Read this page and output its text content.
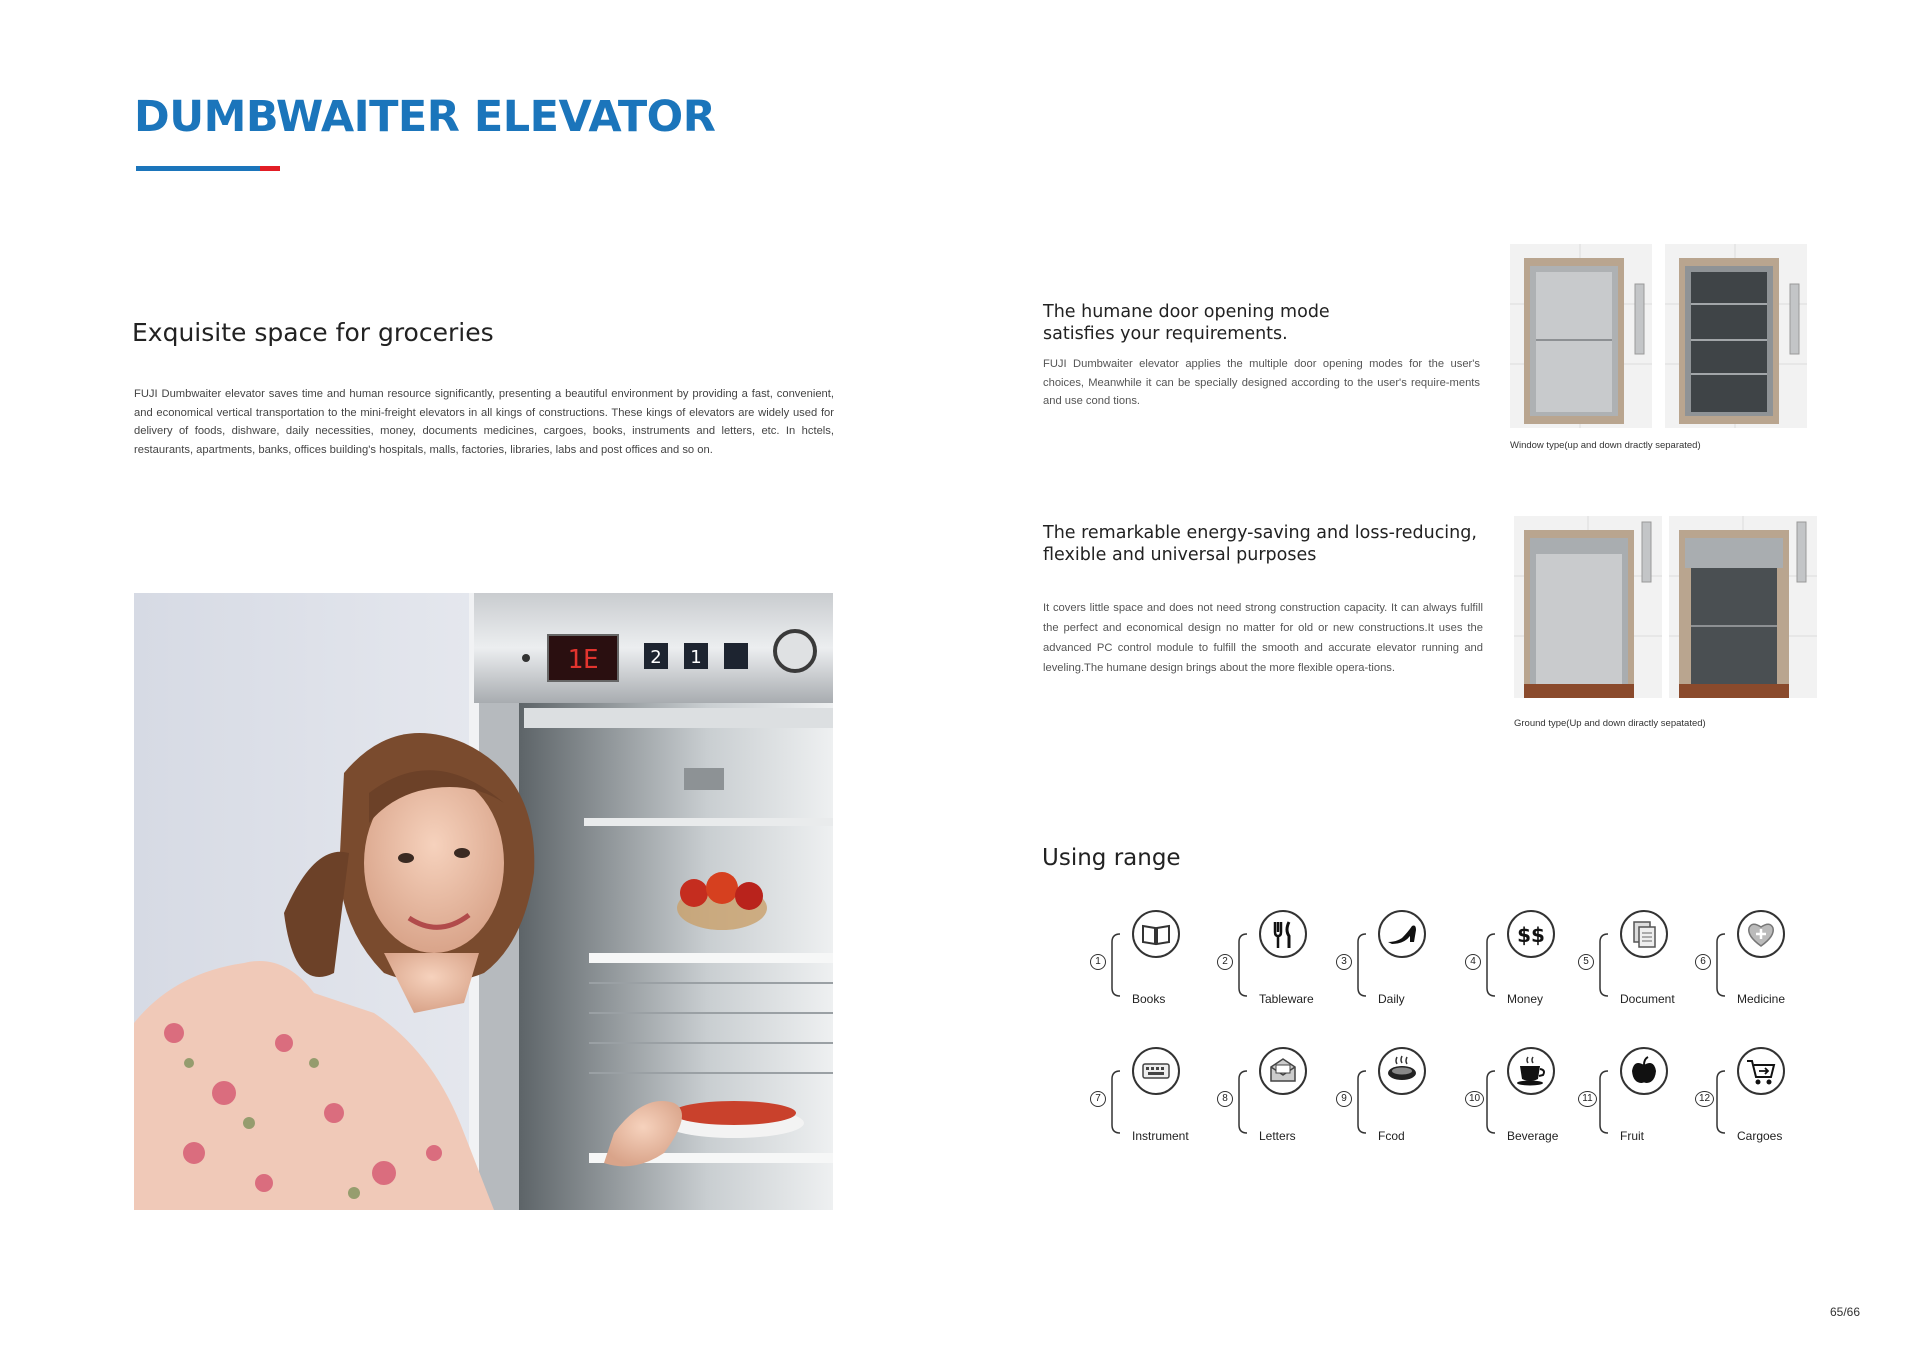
DUMBWAITER ELEVATOR
Exquisite space for groceries
FUJI Dumbwaiter elevator saves time and human resource significantly, presenting a beautiful environment by providing a fast, convenient, and economical vertical transportation to the mini-freight elevators in all kings of constructions. These kings of elevators are widely used for delivery of foods, dishware, daily necessities, money, documents medicines, cargoes, books, instruments and letters, etc. In hctels, restaurants, apartments, banks, offices building's hospitals, malls, factories, libraries, labs and post offices and so on.
1E	2 1
The humane door opening mode
satisfies your requirements.
FUJI Dumbwaiter elevator applies the multiple door opening modes for the user's choices, Meanwhile it can be specially designed according to the user's require-ments and use cond tions.
Window type(up and down dractly separated)
The remarkable energy-saving and loss-reducing,
flexible and universal purposes
It covers little space and does not need strong construction capacity. It can always fulfill the perfect and economical design no matter for old or new constructions.It uses the advanced PC control module to fulfill the smooth and accurate elevator running and leveling.The humane design brings about the more flexible opera-tions.
Ground type(Up and down diractly sepatated)
Using range
1
Books
2
Tableware
3
Daily
4
$$
Money
5
Document
6
Medicine
7
Instrument
8
Letters
9
Fcod
10
Beverage
11
Fruit
12
Cargoes
65/66
